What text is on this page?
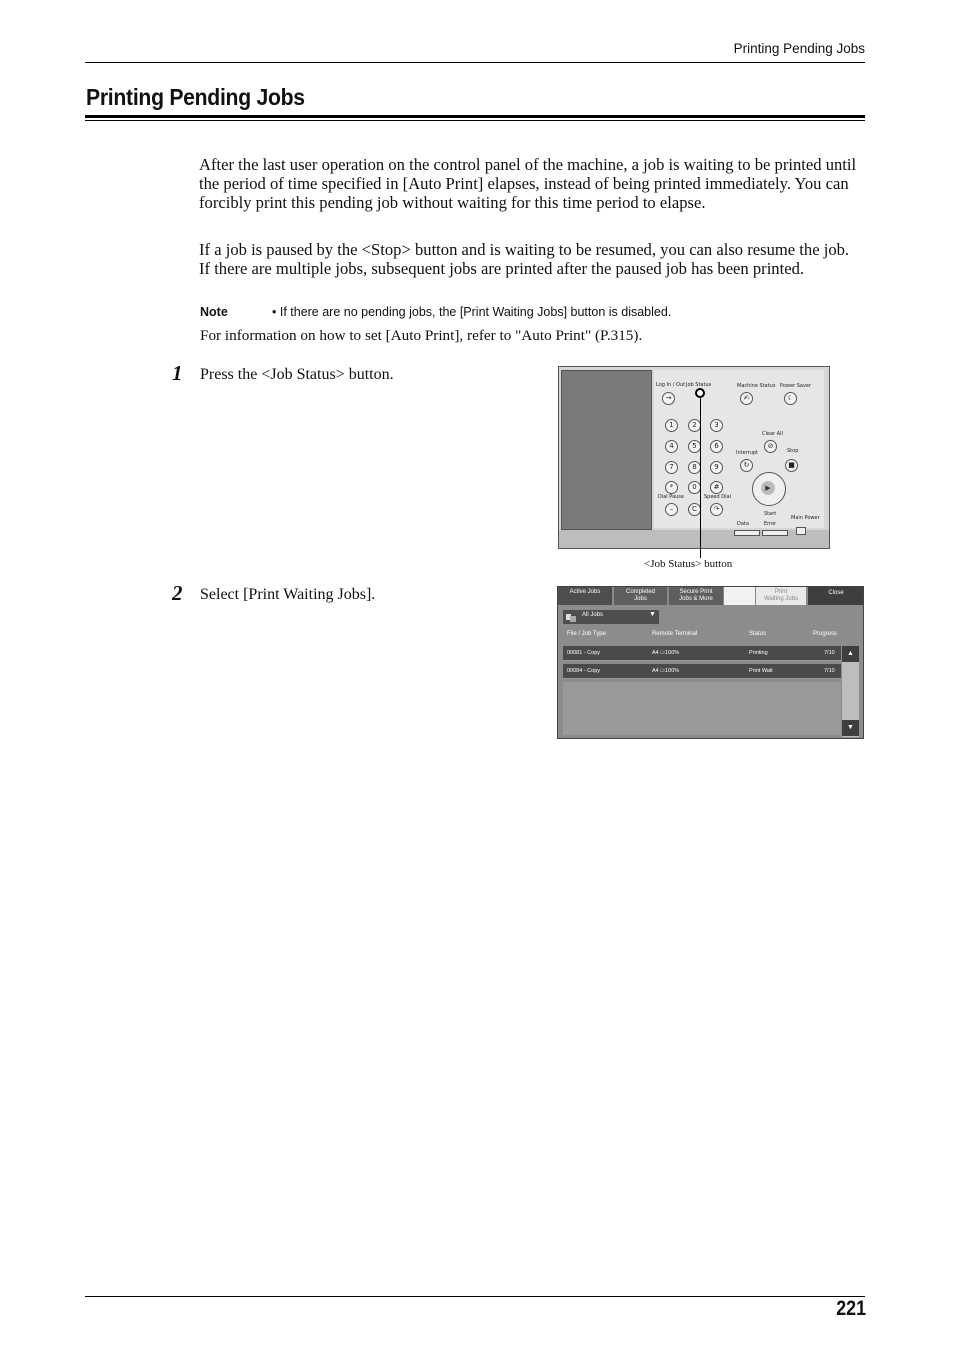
Printing Pending Jobs
Printing Pending Jobs
After the last user operation on the control panel of the machine, a job is waiting to be printed until the period of time specified in [Auto Print] elapses, instead of being printed immediately. You can forcibly print this pending job without waiting for this time period to elapse.
If a job is paused by the <Stop> button and is waiting to be resumed, you can also resume the job. If there are multiple jobs, subsequent jobs are printed after the paused job has been printed.
Note	• If there are no pending jobs, the [Print Waiting Jobs] button is disabled.
For information on how to set [Auto Print], refer to "Auto Print" (P.315).
1 Press the <Job Status> button.
Log In / Out Job Status	Machine Status Power Saver
→	✍	☾
1	2	3
4	5	6
7	8	9
*	0	#
Dial Pause	Speed Dial
–	C	↷
Clear All
⊘
Interrupt
↻
Stop
■
▶
Start
Data	Error
Main Power
<Job Status> button
2 Select [Print Waiting Jobs].	Active Jobs	Completed
Jobs
Secure Print
Jobs & More
Print
Waiting Jobs
Close
All Jobs	▼
File / Job Type	Remote Terminal	Status	Progress
00081 - Copy	A4 □:100%	Printing	7/10
00084 - Copy	A4 □:100%	Print Wait	7/10
▲
▼
221
